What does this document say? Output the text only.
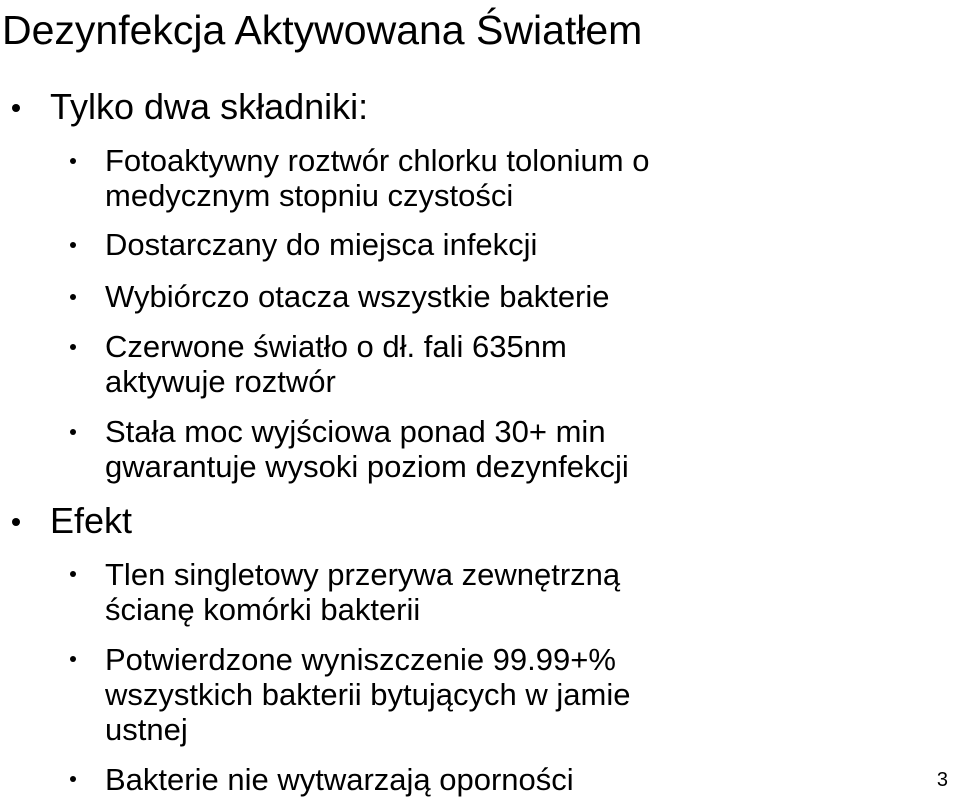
Dezynfekcja Aktywowana Światłem
Tylko dwa składniki:
Fotoaktywny roztwór chlorku tolonium o
medycznym stopniu czystości
Dostarczany do miejsca infekcji
Wybiórczo otacza wszystkie bakterie
Czerwone światło o dł. fali 635nm
aktywuje roztwór
Stała moc wyjściowa ponad 30+ min
gwarantuje wysoki poziom dezynfekcji
Efekt
Tlen singletowy przerywa zewnętrzną
ścianę komórki bakterii
Potwierdzone wyniszczenie 99.99+%
wszystkich bakterii bytujących w jamie
ustnej
Bakterie nie wytwarzają oporności	3
